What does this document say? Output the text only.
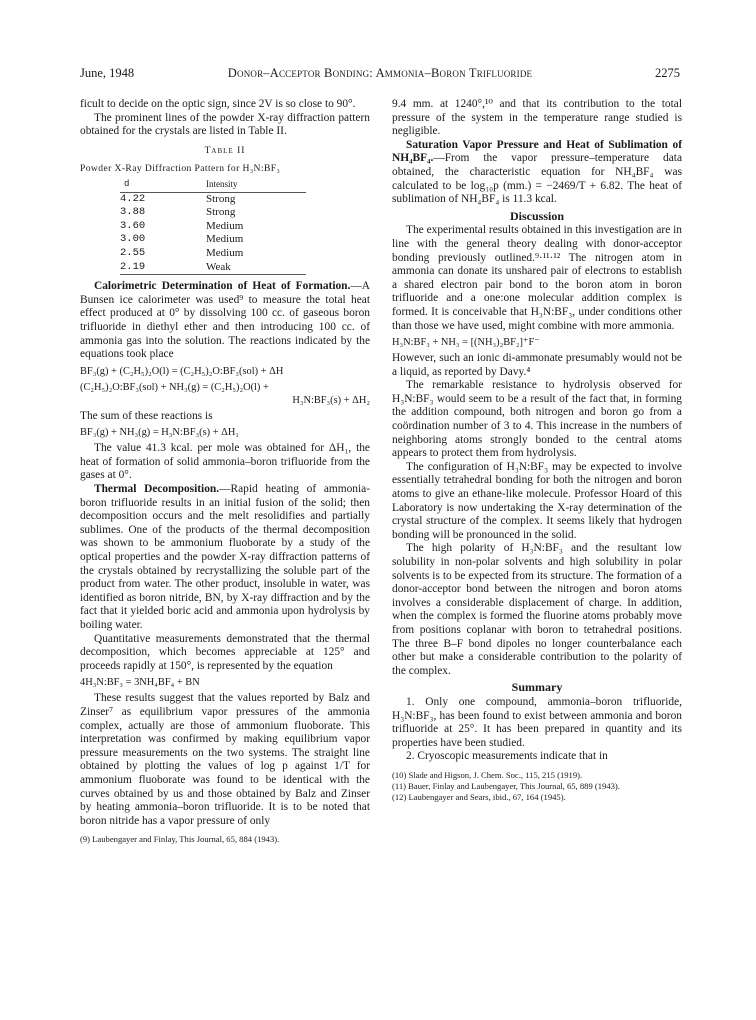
June, 1948	Donor–Acceptor Bonding: Ammonia–Boron Trifluoride	2275

ficult to decide on the optic sign, since 2V is so close to 90°.

The prominent lines of the powder X-ray diffraction pattern obtained for the crystals are listed in Table II.

Table II
Powder X-Ray Diffraction Pattern for H₃N:BF₃
d	Intensity
4.22	Strong
3.88	Strong
3.60	Medium
3.00	Medium
2.55	Medium
2.19	Weak

Calorimetric Determination of Heat of Formation.—A Bunsen ice calorimeter was used⁹ to measure the total heat effect produced at 0° by dissolving 100 cc. of gaseous boron trifluoride in diethyl ether and then introducing 100 cc. of ammonia gas into the solution. The reactions indicated by the equations took place

BF₃(g) + (C₂H₅)₂O(l) = (C₂H₅)₂O:BF₃(sol) + ΔH
(C₂H₅)₂O:BF₃(sol) + NH₃(g) = (C₂H₅)₂O(l) +
H₃N:BF₃(s) + ΔH₂

The sum of these reactions is

BF₃(g) + NH₃(g) = H₃N:BF₃(s) + ΔH₁

The value 41.3 kcal. per mole was obtained for ΔH₁, the heat of formation of solid ammonia–boron trifluoride from the gases at 0°.

Thermal Decomposition.—Rapid heating of ammonia-boron trifluoride results in an initial fusion of the solid; then decomposition occurs and the melt resolidifies and partially sublimes. One of the products of the thermal decomposition was shown to be ammonium fluoborate by a study of the optical properties and the powder X-ray diffraction patterns of the crystals obtained by recrystallizing the soluble part of the product from water. The other product, insoluble in water, was identified as boron nitride, BN, by X-ray diffraction and by the fact that it yielded boric acid and ammonia upon hydrolysis by boiling water.

Quantitative measurements demonstrated that the thermal decomposition, which becomes appreciable at 125° and proceeds rapidly at 150°, is represented by the equation

4H₃N:BF₃ = 3NH₄BF₄ + BN

These results suggest that the values reported by Balz and Zinser⁷ as equilibrium vapor pressures of the ammonia complex, actually are those of ammonium fluoborate. This interpretation was confirmed by making equilibrium vapor pressure measurements on the two systems. The straight line obtained by plotting the values of log p against 1/T for ammonium fluoborate was found to be identical with the curves obtained by us and those obtained by Balz and Zinser by heating ammonia–boron trifluoride. It is to be noted that boron nitride has a vapor pressure of only

(9) Laubengayer and Finlay, This Journal, 65, 884 (1943).

9.4 mm. at 1240°,¹⁰ and that its contribution to the total pressure of the system in the temperature range studied is negligible.

Saturation Vapor Pressure and Heat of Sublimation of NH₄BF₄.—From the vapor pressure–temperature data obtained, the characteristic equation for NH₄BF₄ was calculated to be log₁₀p (mm.) = −2469/T + 6.82. The heat of sublimation of NH₄BF₄ is 11.3 kcal.

Discussion

The experimental results obtained in this investigation are in line with the general theory dealing with donor-acceptor bonding previously outlined.⁹·¹¹·¹² The nitrogen atom in ammonia can donate its unshared pair of electrons to establish a shared electron pair bond to the boron atom in boron trifluoride and a one:one molecular addition complex is formed. It is conceivable that H₃N:BF₃, under conditions other than those we have used, might combine with more ammonia.

H₃N:BF₃ + NH₃ = [(NH₃)₂BF₂]⁺F⁻

However, such an ionic di-ammonate presumably would not be a liquid, as reported by Davy.⁴

The remarkable resistance to hydrolysis observed for H₃N:BF₃ would seem to be a result of the fact that, in forming the addition compound, both nitrogen and boron go from a coördination number of 3 to 4. This increase in the numbers of neighboring atoms strongly bonded to the central atoms appears to protect them from hydrolysis.

The configuration of H₃N:BF₃ may be expected to involve essentially tetrahedral bonding for both the nitrogen and boron atoms to give an ethane-like molecule. Professor Hoard of this Laboratory is now undertaking the X-ray determination of the crystal structure of the complex. It seems likely that hydrogen bonding will be pronounced in the solid.

The high polarity of H₃N:BF₃ and the resultant low solubility in non-polar solvents and high solubility in polar solvents is to be expected from its structure. The formation of a donor-acceptor bond between the nitrogen and boron atoms involves a considerable displacement of charge. In addition, when the complex is formed the fluorine atoms probably move from positions coplanar with boron to tetrahedral positions. The three B–F bond dipoles no longer counterbalance each other but make a considerable contribution to the polarity of the complex.

Summary

1. Only one compound, ammonia–boron trifluoride, H₃N:BF₃, has been found to exist between ammonia and boron trifluoride at 25°. It has been prepared in quantity and its properties have been studied.

2. Cryoscopic measurements indicate that in

(10) Slade and Higson, J. Chem. Soc., 115, 215 (1919).

(11) Bauer, Finlay and Laubengayer, This Journal, 65, 889 (1943).

(12) Laubengayer and Sears, ibid., 67, 164 (1945).
